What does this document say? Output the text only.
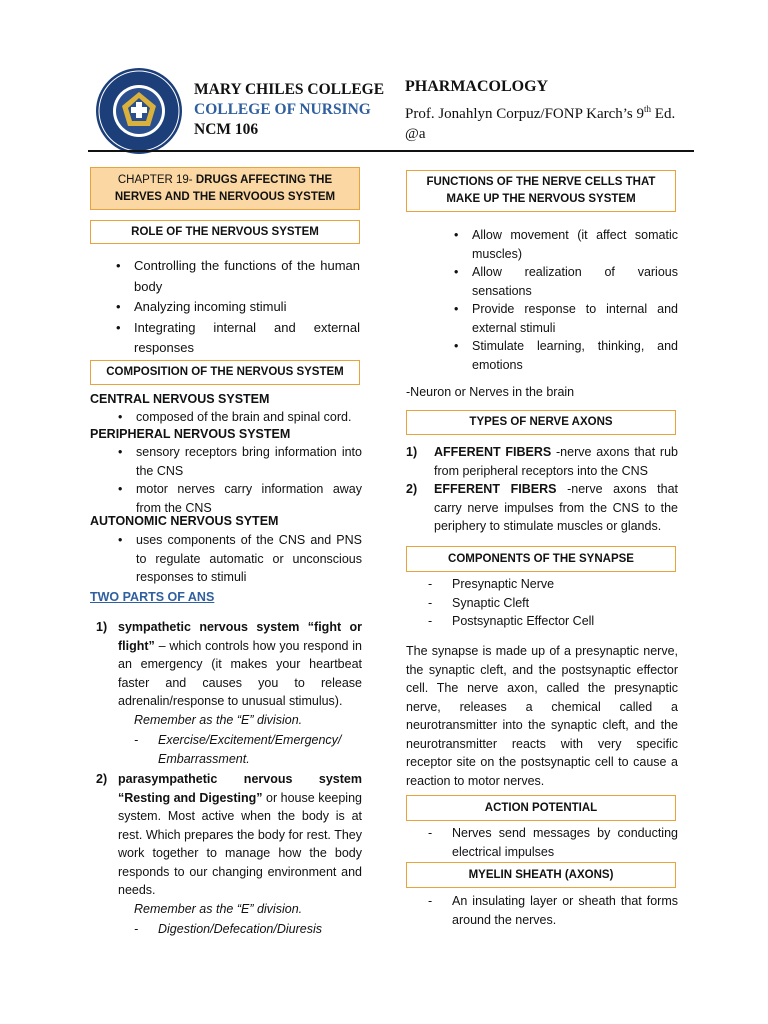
MARY CHILES COLLEGE
COLLEGE OF NURSING
NCM 106
PHARMACOLOGY
Prof. Jonahlyn Corpuz/FONP Karch’s 9th Ed.
@a
CHAPTER 19- DRUGS AFFECTING THE NERVES AND THE NERVOOUS SYSTEM
ROLE OF THE NERVOUS SYSTEM
• Controlling the functions of the human body
• Analyzing incoming stimuli
• Integrating internal and external responses
COMPOSITION OF THE NERVOUS SYSTEM
CENTRAL NERVOUS SYSTEM
• composed of the brain and spinal cord.
PERIPHERAL NERVOUS SYSTEM
• sensory receptors bring information into the CNS
• motor nerves carry information away from the CNS
AUTONOMIC NERVOUS SYTEM
• uses components of the CNS and PNS to regulate automatic or unconscious responses to stimuli
TWO PARTS OF ANS
1) sympathetic nervous system “fight or flight” – which controls how you respond in an emergency (it makes your heartbeat faster and causes you to release adrenalin/response to unusual stimulus).
Remember as the “E” division.
- Exercise/Excitement/Emergency/ Embarrassment.
2) parasympathetic nervous system “Resting and Digesting” or house keeping system. Most active when the body is at rest. Which prepares the body for rest. They work together to manage how the body responds to our changing environment and needs.
Remember as the “E” division.
- Digestion/Defecation/Diuresis
FUNCTIONS OF THE NERVE CELLS THAT MAKE UP THE NERVOUS SYSTEM
• Allow movement (it affect somatic muscles)
• Allow realization of various sensations
• Provide response to internal and external stimuli
• Stimulate learning, thinking, and emotions
-Neuron or Nerves in the brain
TYPES OF NERVE AXONS
1) AFFERENT FIBERS -nerve axons that rub from peripheral receptors into the CNS
2) EFFERENT FIBERS -nerve axons that carry nerve impulses from the CNS to the periphery to stimulate muscles or glands.
COMPONENTS OF THE SYNAPSE
- Presynaptic Nerve
- Synaptic Cleft
- Postsynaptic Effector Cell
The synapse is made up of a presynaptic nerve, the synaptic cleft, and the postsynaptic effector cell. The nerve axon, called the presynaptic nerve, releases a chemical called a neurotransmitter into the synaptic cleft, and the neurotransmitter reacts with very specific receptor site on the postsynaptic cell to cause a reaction to motor nerves.
ACTION POTENTIAL
- Nerves send messages by conducting electrical impulses
MYELIN SHEATH (AXONS)
- An insulating layer or sheath that forms around the nerves.
